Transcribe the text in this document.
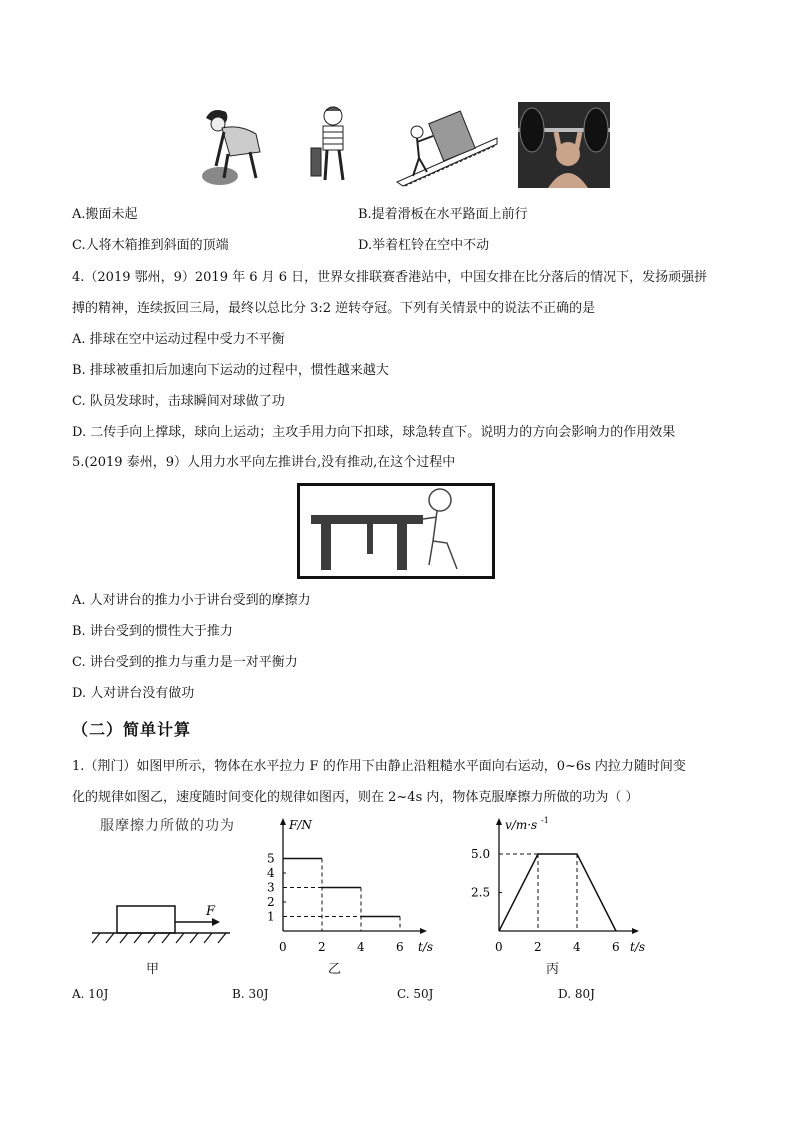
A.搬面未起	B.提着滑板在水平路面上前行
C.人将木箱推到斜面的顶端	D.举着杠铃在空中不动
4.（2019 鄂州，9）2019 年 6 月 6 日，世界女排联赛香港站中，中国女排在比分落后的情况下，发扬顽强拼
搏的精神，连续扳回三局，最终以总比分 3:2 逆转夺冠。下列有关情景中的说法不正确的是
A. 排球在空中运动过程中受力不平衡
B. 排球被重扣后加速向下运动的过程中，惯性越来越大
C. 队员发球时，击球瞬间对球做了功
D. 二传手向上撑球，球向上运动；主攻手用力向下扣球，球急转直下。说明力的方向会影响力的作用效果
5.(2019 泰州，9）人用力水平向左推讲台,没有推动,在这个过程中
A. 人对讲台的推力小于讲台受到的摩擦力
B. 讲台受到的惯性大于推力
C. 讲台受到的推力与重力是一对平衡力
D. 人对讲台没有做功
（二）简单计算
1.（荆门）如图甲所示，物体在水平拉力 F 的作用下由静止沿粗糙水平面向右运动，0~6s 内拉力随时间变
化的规律如图乙，速度随时间变化的规律如图丙，则在 2~4s 内，物体克服摩擦力所做的功为（ ）
服摩擦力所做的功为
F
甲
F/N
t/s
5
4
3
2
1
0	2	4	6
乙
v/m·s -1
t/s
5.0
2.5
0	2	4	6
丙
A. 10J	B. 30J	C. 50J	D. 80J
